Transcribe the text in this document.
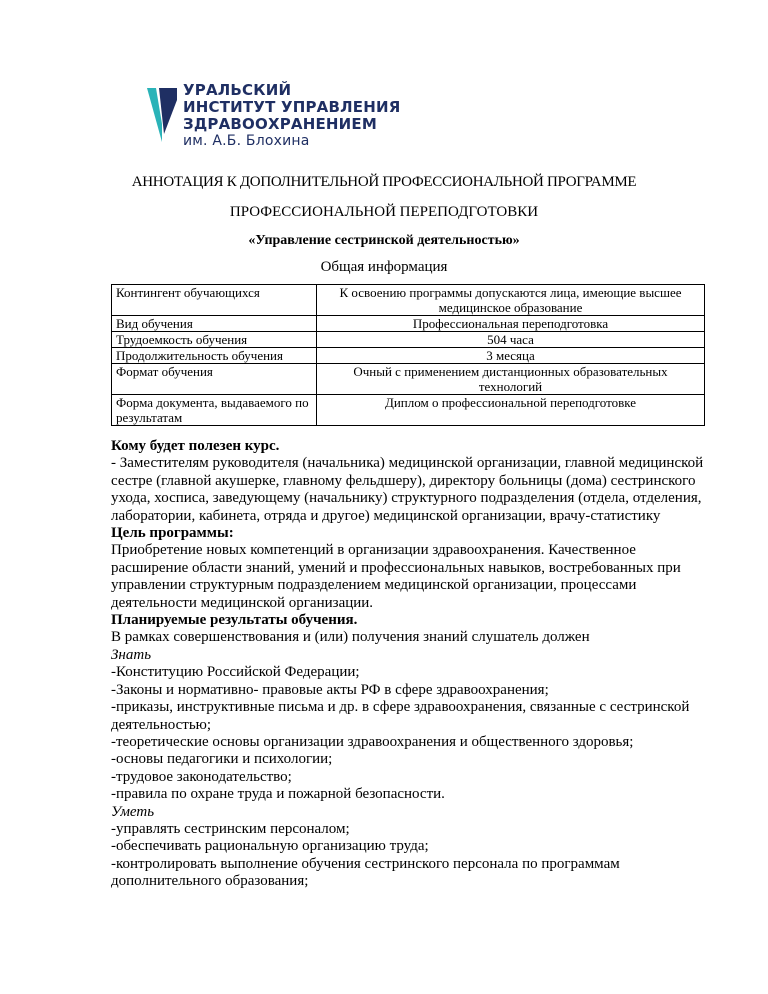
УРАЛЬСКИЙ
ИНСТИТУТ УПРАВЛЕНИЯ
ЗДРАВООХРАНЕНИЕМ
им. А.Б. Блохина
АННОТАЦИЯ К ДОПОЛНИТЕЛЬНОЙ ПРОФЕССИОНАЛЬНОЙ ПРОГРАММЕ
ПРОФЕССИОНАЛЬНОЙ ПЕРЕПОДГОТОВКИ
«Управление сестринской деятельностью»
Общая информация
Контингент обучающихся	К освоению программы допускаются лица, имеющие высшее медицинское образование
Вид обучения	Профессиональная переподготовка
Трудоемкость обучения	504 часа
Продолжительность обучения	3 месяца
Формат обучения	Очный с применением дистанционных образовательных технологий
Форма документа, выдаваемого по результатам	Диплом о профессиональной переподготовке

Кому будет полезен курс.

- Заместителям руководителя (начальника) медицинской организации, главной медицинской сестре (главной акушерке, главному фельдшеру), директору больницы (дома) сестринского ухода, хосписа, заведующему (начальнику) структурного подразделения (отдела, отделения, лаборатории, кабинета, отряда и другое) медицинской организации, врачу-статистику

Цель программы:

Приобретение новых компетенций в организации здравоохранения. Качественное расширение области знаний, умений и профессиональных навыков, востребованных при управлении структурным подразделением медицинской организации, процессами деятельности медицинской организации.

Планируемые результаты обучения.

В рамках совершенствования и (или) получения знаний слушатель должен

Знать

-Конституцию Российской Федерации;

-Законы и нормативно- правовые акты РФ в сфере здравоохранения;

-приказы, инструктивные письма и др. в сфере здравоохранения, связанные с сестринской деятельностью;

-теоретические основы организации здравоохранения и общественного здоровья;

-основы педагогики и психологии;

-трудовое законодательство;

-правила по охране труда и пожарной безопасности.

Уметь

-управлять сестринским персоналом;

-обеспечивать рациональную организацию труда;

-контролировать выполнение обучения сестринского персонала по программам дополнительного образования;
